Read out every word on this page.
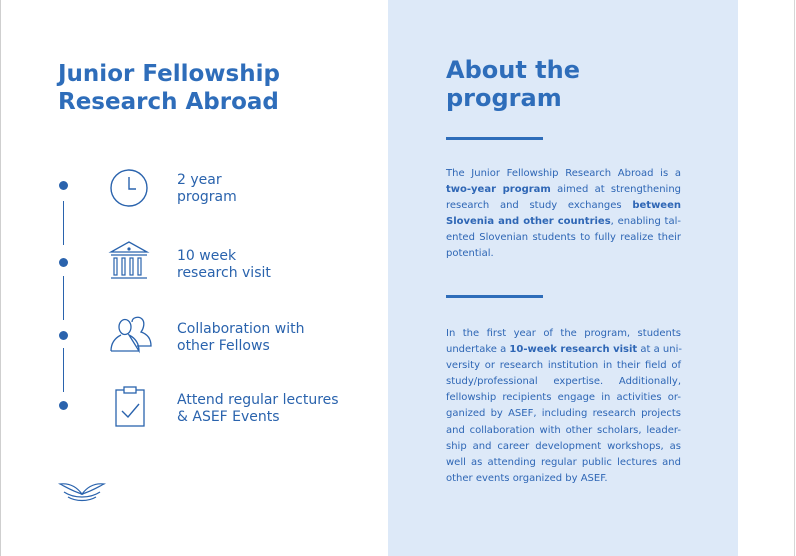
Junior Fellowship
Research Abroad
2 year
program
10 week
research visit
Collaboration with
other Fellows
Attend regular lectures
& ASEF Events
About the
program

The Junior Fellowship Research Abroad is a
two-year program aimed at strengthening
research and study exchanges between
Slovenia and other countries, enabling tal-
ented Slovenian students to fully realize their
potential.

In the first year of the program, students
undertake a 10-week research visit at a uni-
versity or research institution in their field of
study/professional expertise. Additionally,
fellowship recipients engage in activities or-
ganized by ASEF, including research projects
and collaboration with other scholars, leader-
ship and career development workshops, as
well as attending regular public lectures and
other events organized by ASEF.
